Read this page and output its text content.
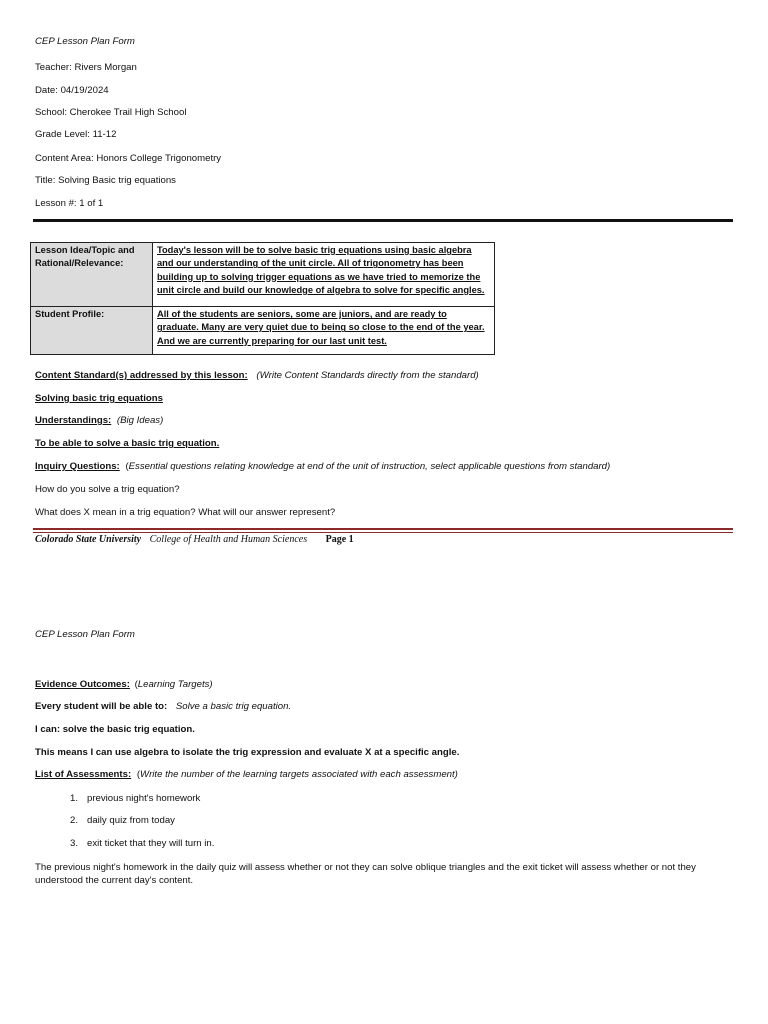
CEP Lesson Plan Form
Teacher: Rivers Morgan
Date: 04/19/2024
School: Cherokee Trail High School
Grade Level: 11-12
Content Area: Honors College Trigonometry
Title: Solving Basic trig equations
Lesson #: 1 of 1
Lesson Idea/Topic and Rational/Relevance:	Today's lesson will be to solve basic trig equations using basic algebra and our understanding of the unit circle. All of trigonometry has been building up to solving trigger equations as we have tried to memorize the unit circle and build our knowledge of algebra to solve for specific angles.
Student Profile:	All of the students are seniors, some are juniors, and are ready to graduate. Many are very quiet due to being so close to the end of the year. And we are currently preparing for our last unit test.
Content Standard(s) addressed by this lesson: (Write Content Standards directly from the standard)
Solving basic trig equations
Understandings: (Big Ideas)
To be able to solve a basic trig equation.
Inquiry Questions: (Essential questions relating knowledge at end of the unit of instruction, select applicable questions from standard)
How do you solve a trig equation?
What does X mean in a trig equation? What will our answer represent?
Colorado State University College of Health and Human Sciences Page 1
CEP Lesson Plan Form
Evidence Outcomes: (Learning Targets)
Every student will be able to: Solve a basic trig equation.
I can: solve the basic trig equation.
This means I can use algebra to isolate the trig expression and evaluate X at a specific angle.
List of Assessments: (Write the number of the learning targets associated with each assessment)
1. previous night's homework
2. daily quiz from today
3. exit ticket that they will turn in.
The previous night's homework in the daily quiz will assess whether or not they can solve oblique triangles and the exit ticket will assess whether or not they understood the current day's content.
